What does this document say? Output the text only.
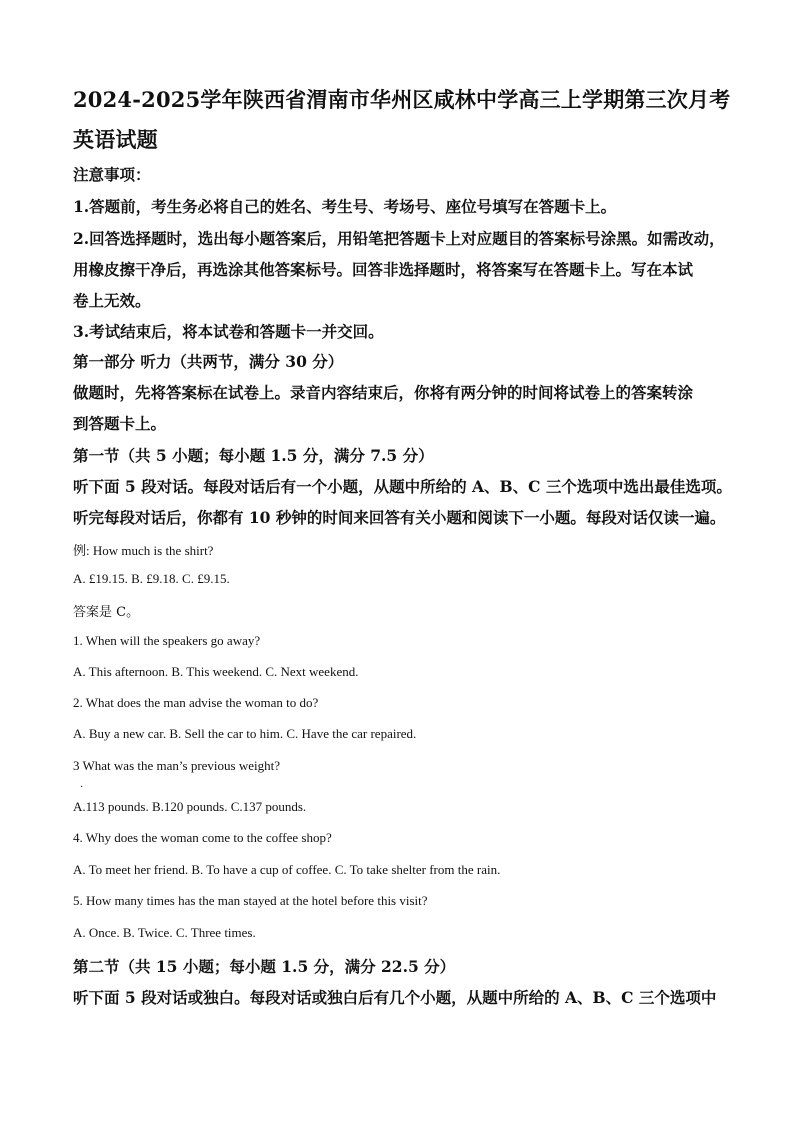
2024-2025学年陕西省渭南市华州区咸林中学高三上学期第三次月考
英语试题
注意事项：
1.答题前，考生务必将自己的姓名、考生号、考场号、座位号填写在答题卡上。
2.回答选择题时，选出每小题答案后，用铅笔把答题卡上对应题目的答案标号涂黑。如需改动，
用橡皮擦干净后，再选涂其他答案标号。回答非选择题时，将答案写在答题卡上。写在本试
卷上无效。
3.考试结束后，将本试卷和答题卡一并交回。
第一部分 听力（共两节，满分 30 分）
做题时，先将答案标在试卷上。录音内容结束后，你将有两分钟的时间将试卷上的答案转涂
到答题卡上。
第一节（共 5 小题；每小题 1.5 分，满分 7.5 分）
听下面 5 段对话。每段对话后有一个小题，从题中所给的 A、B、C 三个选项中选出最佳选项。
听完每段对话后，你都有 10 秒钟的时间来回答有关小题和阅读下一小题。每段对话仅读一遍。
例: How much is the shirt?
A. £19.15. B. £9.18. C. £9.15.
答案是 C。
1. When will the speakers go away?
A. This afternoon. B. This weekend. C. Next weekend.
2. What does the man advise the woman to do?
A. Buy a new car. B. Sell the car to him. C. Have the car repaired.
3 What was the man’s previous weight?
·
A.113 pounds. B.120 pounds. C.137 pounds.
4. Why does the woman come to the coffee shop?
A. To meet her friend. B. To have a cup of coffee. C. To take shelter from the rain.
5. How many times has the man stayed at the hotel before this visit?
A. Once. B. Twice. C. Three times.
第二节（共 15 小题；每小题 1.5 分，满分 22.5 分）
听下面 5 段对话或独白。每段对话或独白后有几个小题，从题中所给的 A、B、C 三个选项中
